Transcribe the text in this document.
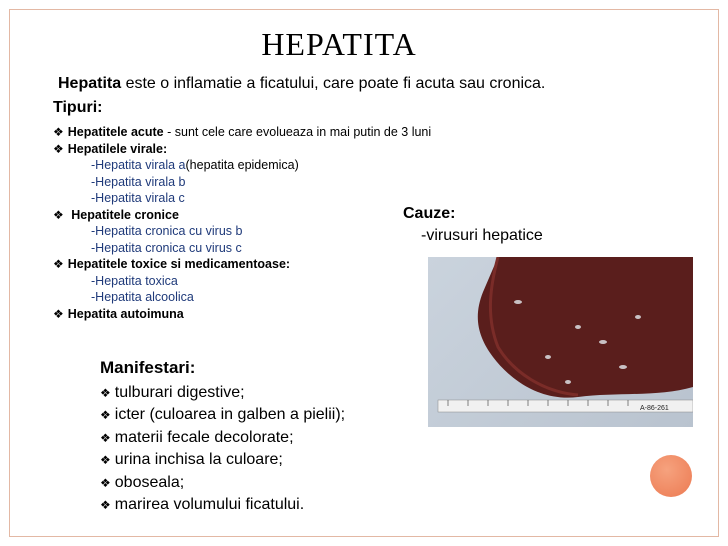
HEPATITA
Hepatita este o inflamatie a ficatului, care poate fi acuta sau cronica.
Tipuri:
❖ Hepatitele acute - sunt cele care evolueaza in mai putin de 3 luni
❖ Hepatilele virale:
-Hepatita virala a(hepatita epidemica)
-Hepatita virala b
-Hepatita virala c
❖ Hepatitele cronice
-Hepatita cronica cu virus b
-Hepatita cronica cu virus c
❖ Hepatitele toxice si medicamentoase:
-Hepatita toxica
-Hepatita alcoolica
❖ Hepatita autoimuna
Cauze:
-virusuri hepatice
A-86-261
Manifestari:
❖ tulburari digestive;
❖ icter (culoarea in galben a pielii);
❖ materii fecale decolorate;
❖ urina inchisa la culoare;
❖ oboseala;
❖ marirea volumului ficatului.
